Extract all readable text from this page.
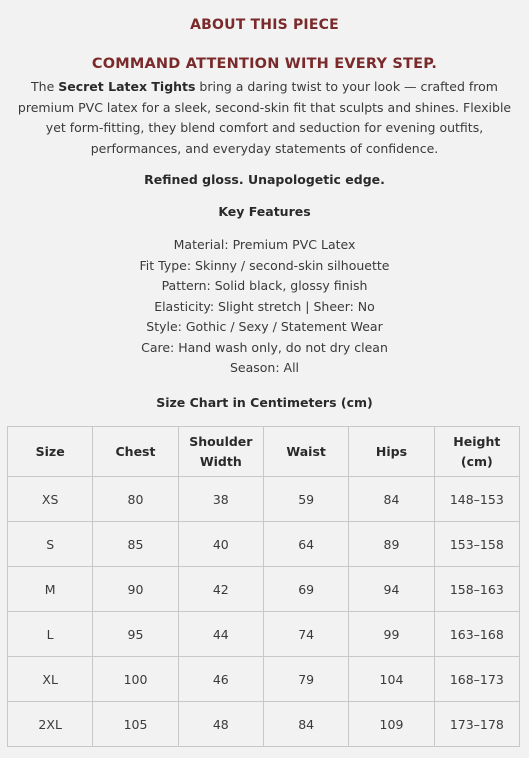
ABOUT THIS PIECE
COMMAND ATTENTION WITH EVERY STEP.

The Secret Latex Tights bring a daring twist to your look — crafted from premium PVC latex for a sleek, second-skin fit that sculpts and shines. Flexible yet form-fitting, they blend comfort and seduction for evening outfits, performances, and everyday statements of confidence.

Refined gloss. Unapologetic edge.
Key Features
Material: Premium PVC Latex
Fit Type: Skinny / second-skin silhouette
Pattern: Solid black, glossy finish
Elasticity: Slight stretch | Sheer: No
Style: Gothic / Sexy / Statement Wear
Care: Hand wash only, do not dry clean
Season: All
Size Chart in Centimeters (cm)
Size	Chest	Shoulder Width	Waist	Hips	Height (cm)
XS	80	38	59	84	148–153
S	85	40	64	89	153–158
M	90	42	69	94	158–163
L	95	44	74	99	163–168
XL	100	46	79	104	168–173
2XL	105	48	84	109	173–178
